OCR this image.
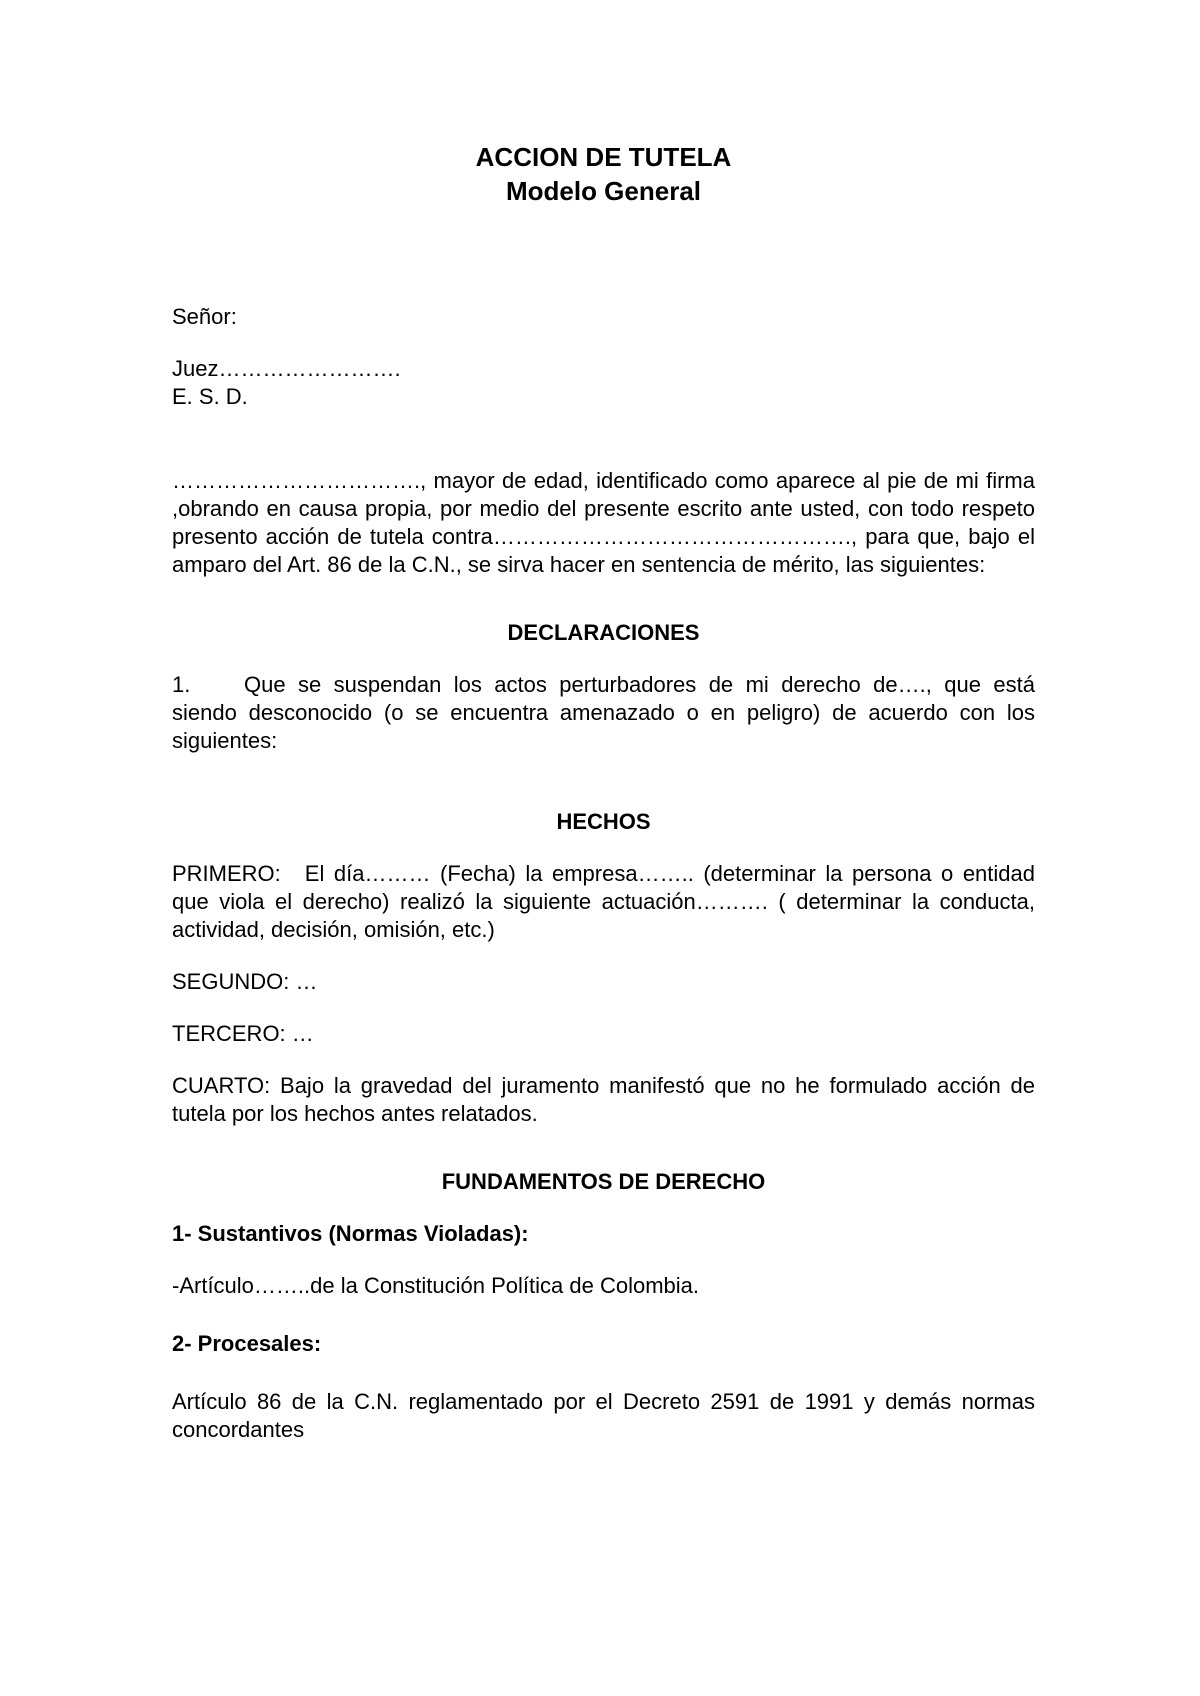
ACCION DE TUTELA
Modelo General

Señor:

Juez…………………….

E. S. D.

……………………………., mayor de edad, identificado como aparece al pie de mi firma ,obrando en causa propia, por medio del presente escrito ante usted, con todo respeto presento acción de tutela contra…………………………………………., para que, bajo el amparo del Art. 86 de la C.N., se sirva hacer en sentencia de mérito, las siguientes:

DECLARACIONES

1. Que se suspendan los actos perturbadores de mi derecho de…., que está siendo desconocido (o se encuentra amenazado o en peligro) de acuerdo con los siguientes:

HECHOS

PRIMERO: El día……… (Fecha) la empresa…….. (determinar la persona o entidad que viola el derecho) realizó la siguiente actuación………. ( determinar la conducta, actividad, decisión, omisión, etc.)

SEGUNDO: …

TERCERO: …

CUARTO: Bajo la gravedad del juramento manifestó que no he formulado acción de tutela por los hechos antes relatados.

FUNDAMENTOS DE DERECHO

1- Sustantivos (Normas Violadas):

-Artículo……..de la Constitución Política de Colombia.

2- Procesales:

Artículo 86 de la C.N. reglamentado por el Decreto 2591 de 1991 y demás normas concordantes
